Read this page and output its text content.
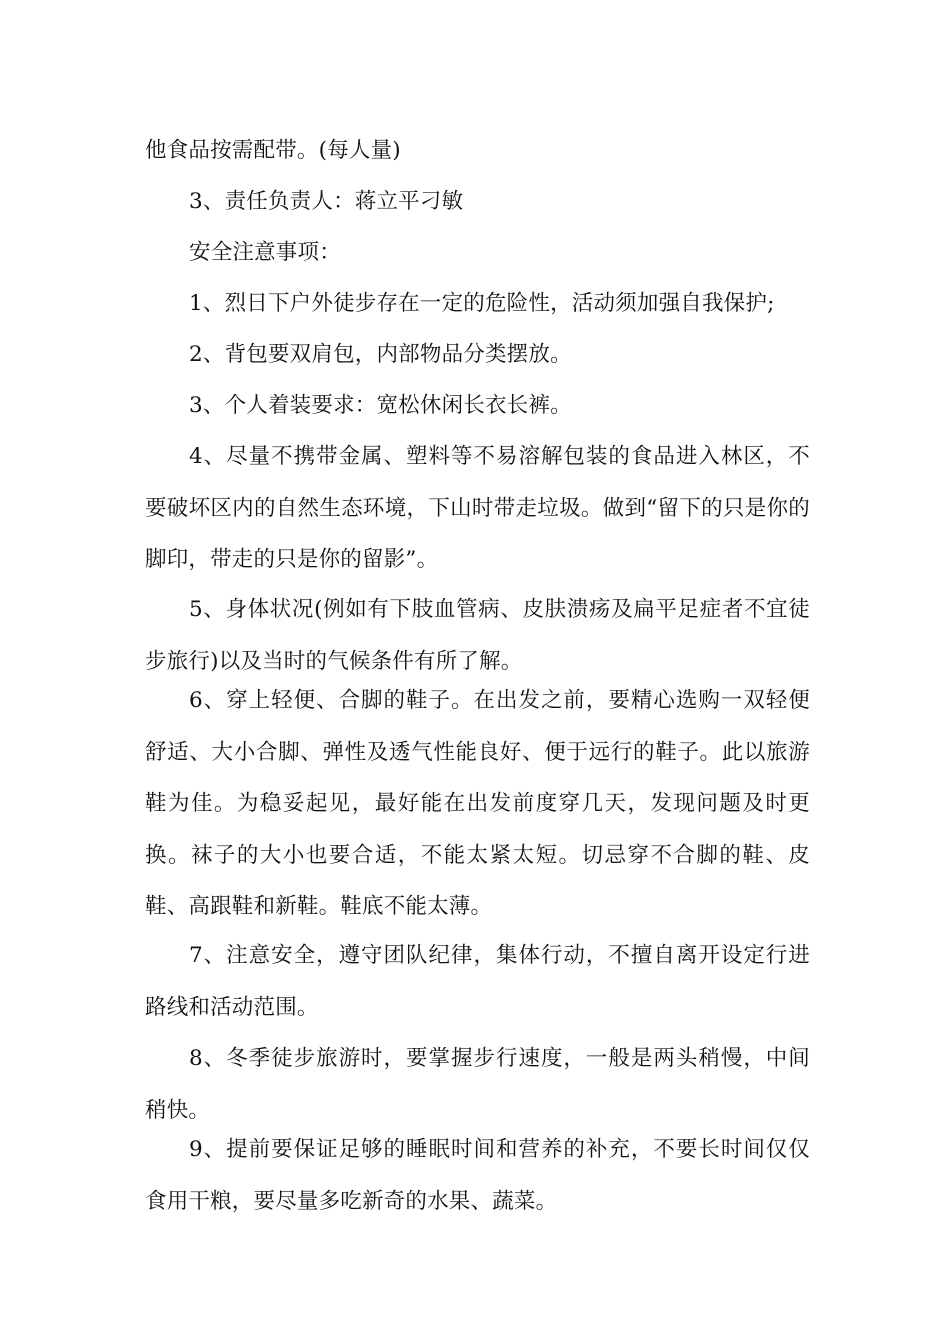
他食品按需配带。(每人量)

3、责任负责人：蒋立平刁敏

安全注意事项：

1、烈日下户外徒步存在一定的危险性，活动须加强自我保护;

2、背包要双肩包，内部物品分类摆放。

3、个人着装要求：宽松休闲长衣长裤。

4、尽量不携带金属、塑料等不易溶解包装的食品进入林区，不要破坏区内的自然生态环境，下山时带走垃圾。做到“留下的只是你的脚印，带走的只是你的留影”。

5、身体状况(例如有下肢血管病、皮肤溃疡及扁平足症者不宜徒步旅行)以及当时的气候条件有所了解。

6、穿上轻便、合脚的鞋子。在出发之前，要精心选购一双轻便舒适、大小合脚、弹性及透气性能良好、便于远行的鞋子。此以旅游鞋为佳。为稳妥起见，最好能在出发前度穿几天，发现问题及时更换。袜子的大小也要合适，不能太紧太短。切忌穿不合脚的鞋、皮鞋、高跟鞋和新鞋。鞋底不能太薄。

7、注意安全，遵守团队纪律，集体行动，不擅自离开设定行进路线和活动范围。

8、冬季徒步旅游时，要掌握步行速度，一般是两头稍慢，中间稍快。

9、提前要保证足够的睡眠时间和营养的补充，不要长时间仅仅食用干粮，要尽量多吃新奇的水果、蔬菜。
